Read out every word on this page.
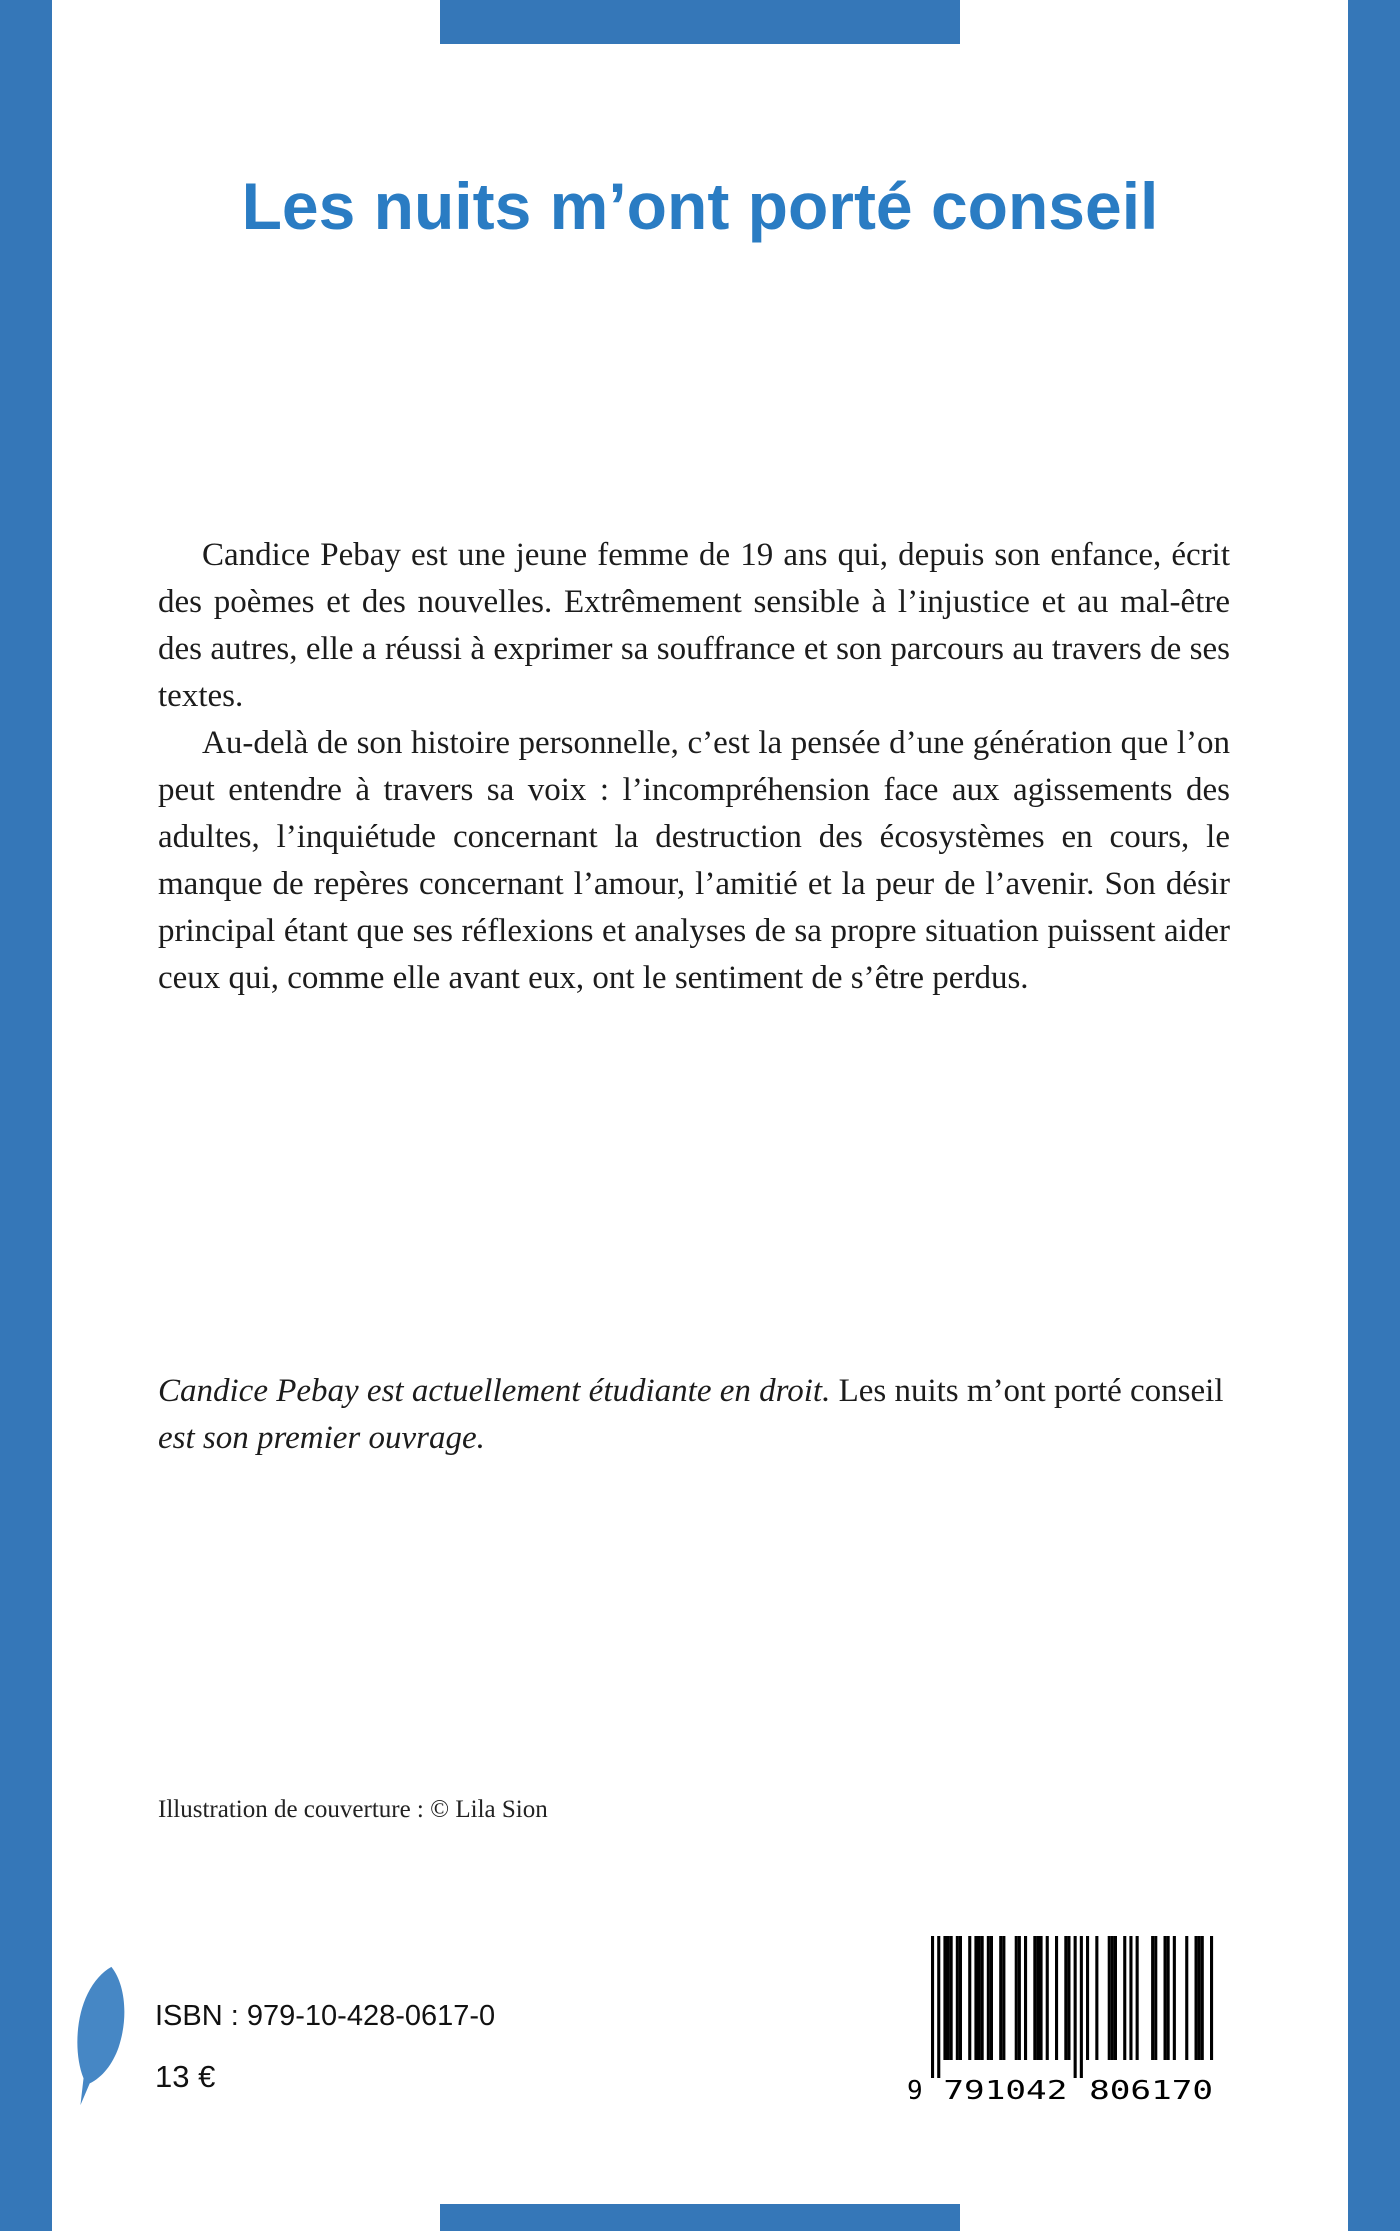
Les nuits m’ont porté conseil

Candice Pebay est une jeune femme de 19 ans qui, depuis son enfance, écrit des poèmes et des nouvelles. Extrêmement sensible à l’injustice et au mal-être des autres, elle a réussi à exprimer sa souffrance et son parcours au travers de ses textes.

Au-delà de son histoire personnelle, c’est la pensée d’une génération que l’on peut entendre à travers sa voix : l’incompréhension face aux agissements des adultes, l’inquiétude concernant la destruction des écosystèmes en cours, le manque de repères concernant l’amour, l’amitié et la peur de l’avenir. Son désir principal étant que ses réflexions et analyses de sa propre situation puissent aider ceux qui, comme elle avant eux, ont le sentiment de s’être perdus.

Candice Pebay est actuellement étudiante en droit. Les nuits m’ont porté conseil est son premier ouvrage.

Illustration de couverture : © Lila Sion

ISBN : 979-10-428-0617-0
13 €	9 791042 806170
